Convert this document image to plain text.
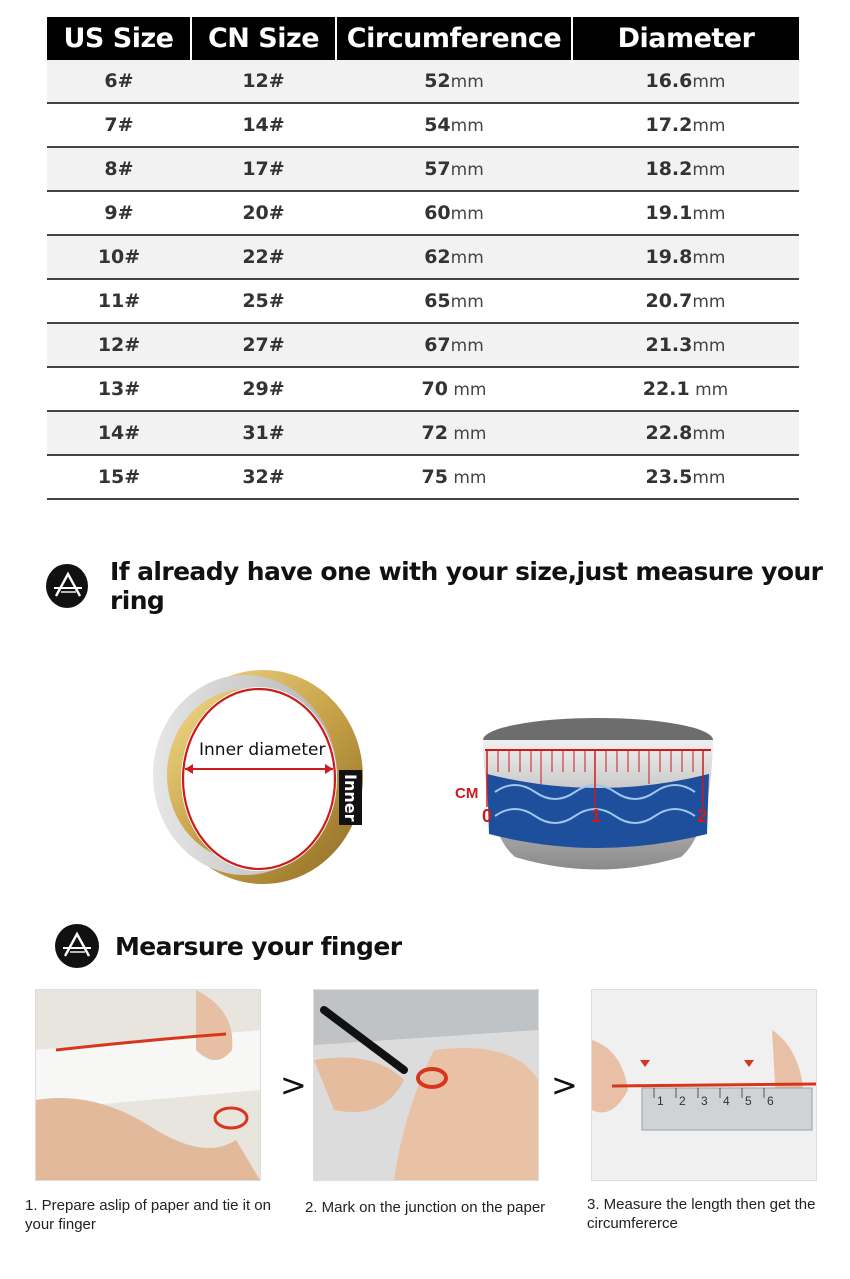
US Size	CN Size	Circumference	Diameter
6#	12#	52mm	16.6mm
7#	14#	54mm	17.2mm
8#	17#	57mm	18.2mm
9#	20#	60mm	19.1mm
10#	22#	62mm	19.8mm
11#	25#	65mm	20.7mm
12#	27#	67mm	21.3mm
13#	29#	70 mm	22.1 mm
14#	31#	72 mm	22.8mm
15#	32#	75 mm	23.5mm
If already have one with your size,just measure your ring
Inner diameter
Inner	CM
0	1	2
Mearsure your finger
>	>	1 2 3 4 5 6
1. Prepare aslip of paper and tie it on your finger
2. Mark on the junction on the paper	3. Measure the length then get the circumfererce
